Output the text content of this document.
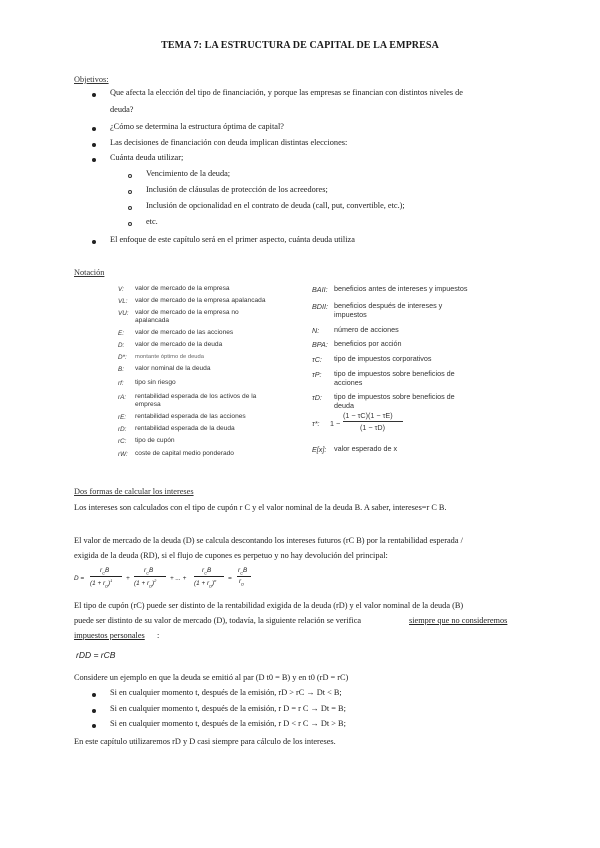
TEMA 7: LA ESTRUCTURA DE CAPITAL DE LA EMPRESA
Objetivos:
Que afecta la elección del tipo de financiación, y porque las empresas se financian con distintos niveles de
deuda?
¿Cómo se determina la estructura óptima de capital?
Las decisiones de financiación con deuda implican distintas elecciones:
Cuánta deuda utilizar;
Vencimiento de la deuda;
Inclusión de cláusulas de protección de los acreedores;
Inclusión de opcionalidad en el contrato de deuda (call, put, convertible, etc.);
etc.
El enfoque de este capítulo será en el primer aspecto, cuánta deuda utiliza
Notación
V: valor de mercado de la empresa
VL: valor de mercado de la empresa apalancada
VU: valor de mercado de la empresa no
apalancada
E: valor de mercado de las acciones
D: valor de mercado de la deuda
D*: montante óptimo de deuda
B: valor nominal de la deuda
rf: tipo sin riesgo
rA: rentabilidad esperada de los activos de la
empresa
rE: rentabilidad esperada de las acciones
rD: rentabilidad esperada de la deuda
rC: tipo de cupón
rW: coste de capital medio ponderado
BAII: beneficios antes de intereses y impuestos
BDII: beneficios después de intereses y
impuestos
N: número de acciones
BPA: beneficios por acción
τC: tipo de impuestos corporativos
τP: tipo de impuestos sobre beneficios de
acciones
τD: tipo de impuestos sobre beneficios de
deuda
τ*: 1 −
(1 − τC)(1 − τE)
(1 − τD)
E[x]: valor esperado de x
Dos formas de calcular los intereses
Los intereses son calculados con el tipo de cupón r C y el valor nominal de la deuda B. A saber, intereses=r C B.
El valor de mercado de la deuda (D) se calcula descontando los intereses futuros (rC B) por la rentabilidad esperada /
exigida de la deuda (RD), si el flujo de cupones es perpetuo y no hay devolución del principal:
D =
$r_CB$
$(1 + r_D)^1$ +
$r_CB$
$(1 + r_D)^2$ + ... +
$r_CB$
$(1 + r_D)^n$ =
$r_CB$
$r_D$
El tipo de cupón (rC) puede ser distinto de la rentabilidad exigida de la deuda (rD) y el valor nominal de la deuda (B)
puede ser distinto de su valor de mercado (D), todavía, la siguiente relación se verifica	siempre que no consideremos
impuestos personales :
rDD = rCB
Considere un ejemplo en que la deuda se emitió al par (D t0 = B) y en t0 (rD = rC)
Si en cualquier momento t, después de la emisión, rD > rC → Dt < B;
Si en cualquier momento t, después de la emisión, r D = r C → Dt = B;
Si en cualquier momento t, después de la emisión, r D < r C → Dt > B;
En este capítulo utilizaremos rD y D casi siempre para cálculo de los intereses.
